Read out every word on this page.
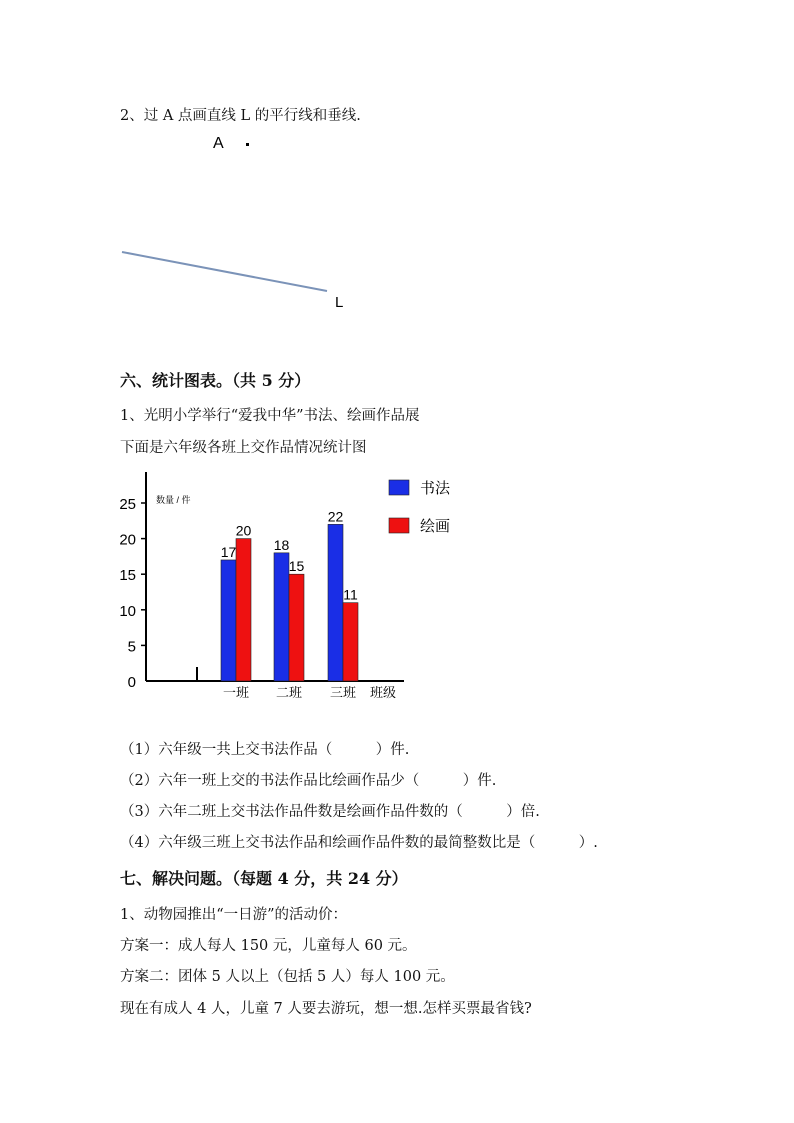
2、过 A 点画直线 L 的平行线和垂线.
A
L
六、统计图表。（共 5 分）
1、光明小学举行“爱我中华”书法、绘画作品展
下面是六年级各班上交作品情况统计图
0
5
10
15
20
25 数量 / 件
17
20
一班
18
15
二班
22
11
三班 班级
书法
绘画
（1）六年级一共上交书法作品（　　　）件.
（2）六年一班上交的书法作品比绘画作品少（　　　）件.
（3）六年二班上交书法作品件数是绘画作品件数的（　　　）倍.
（4）六年级三班上交书法作品和绘画作品件数的最简整数比是（　　　）.
七、解决问题。（每题 4 分，共 24 分）
1、动物园推出“一日游”的活动价：
方案一：成人每人 150 元，儿童每人 60 元。
方案二：团体 5 人以上（包括 5 人）每人 100 元。
现在有成人 4 人，儿童 7 人要去游玩，想一想.怎样买票最省钱?
